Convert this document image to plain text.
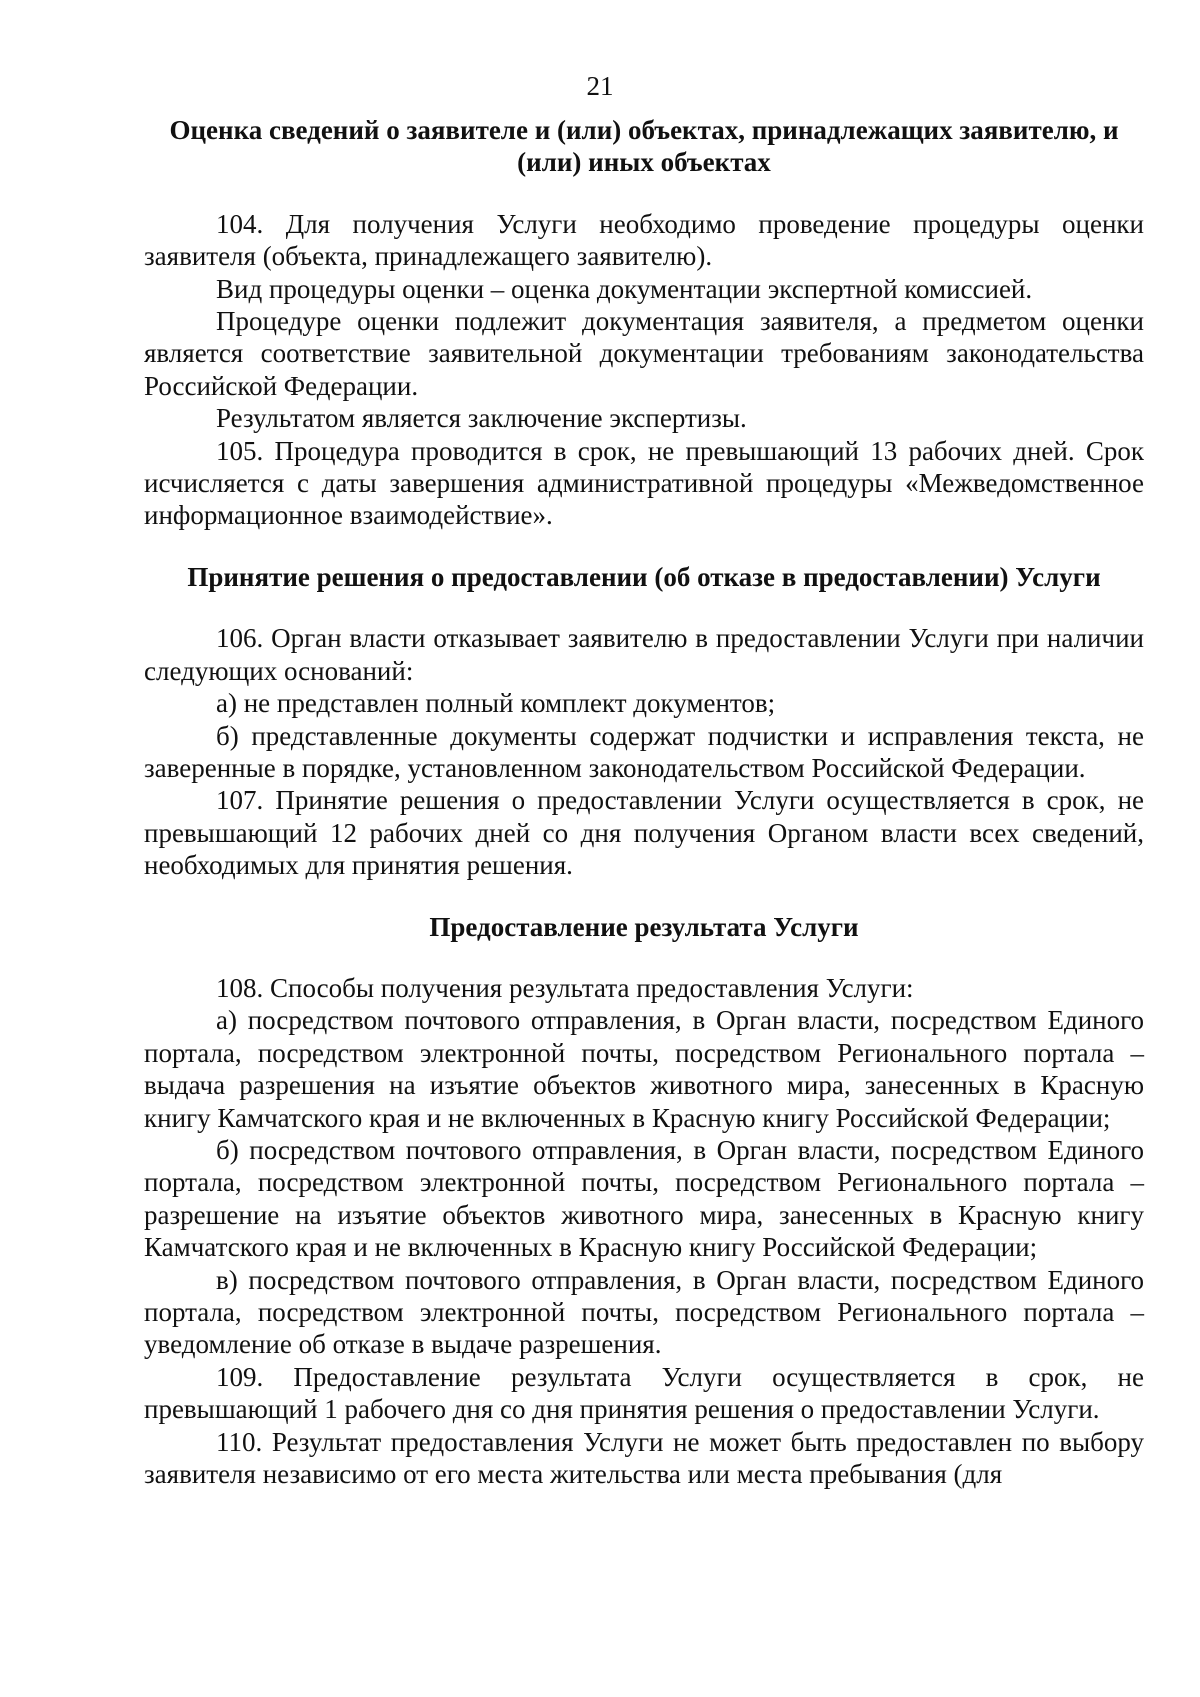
21

Оценка сведений о заявителе и (или) объектах, принадлежащих заявителю, и (или) иных объектах

104. Для получения Услуги необходимо проведение процедуры оценки заявителя (объекта, принадлежащего заявителю).

Вид процедуры оценки – оценка документации экспертной комиссией.

Процедуре оценки подлежит документация заявителя, а предметом оценки является соответствие заявительной документации требованиям законодательства Российской Федерации.

Результатом является заключение экспертизы.

105. Процедура проводится в срок, не превышающий 13 рабочих дней. Срок исчисляется с даты завершения административной процедуры «Межведомственное информационное взаимодействие».

Принятие решения о предоставлении (об отказе в предоставлении) Услуги

106. Орган власти отказывает заявителю в предоставлении Услуги при наличии следующих оснований:

а) не представлен полный комплект документов;

б) представленные документы содержат подчистки и исправления текста, не заверенные в порядке, установленном законодательством Российской Федерации.

107. Принятие решения о предоставлении Услуги осуществляется в срок, не превышающий 12 рабочих дней со дня получения Органом власти всех сведений, необходимых для принятия решения.

Предоставление результата Услуги

108. Способы получения результата предоставления Услуги:

а) посредством почтового отправления, в Орган власти, посредством Единого портала, посредством электронной почты, посредством Регионального портала – выдача разрешения на изъятие объектов животного мира, занесенных в Красную книгу Камчатского края и не включенных в Красную книгу Российской Федерации;

б) посредством почтового отправления, в Орган власти, посредством Единого портала, посредством электронной почты, посредством Регионального портала – разрешение на изъятие объектов животного мира, занесенных в Красную книгу Камчатского края и не включенных в Красную книгу Российской Федерации;

в) посредством почтового отправления, в Орган власти, посредством Единого портала, посредством электронной почты, посредством Регионального портала – уведомление об отказе в выдаче разрешения.

109. Предоставление результата Услуги осуществляется в срок, не превышающий 1 рабочего дня со дня принятия решения о предоставлении Услуги.

110. Результат предоставления Услуги не может быть предоставлен по выбору заявителя независимо от его места жительства или места пребывания (для
